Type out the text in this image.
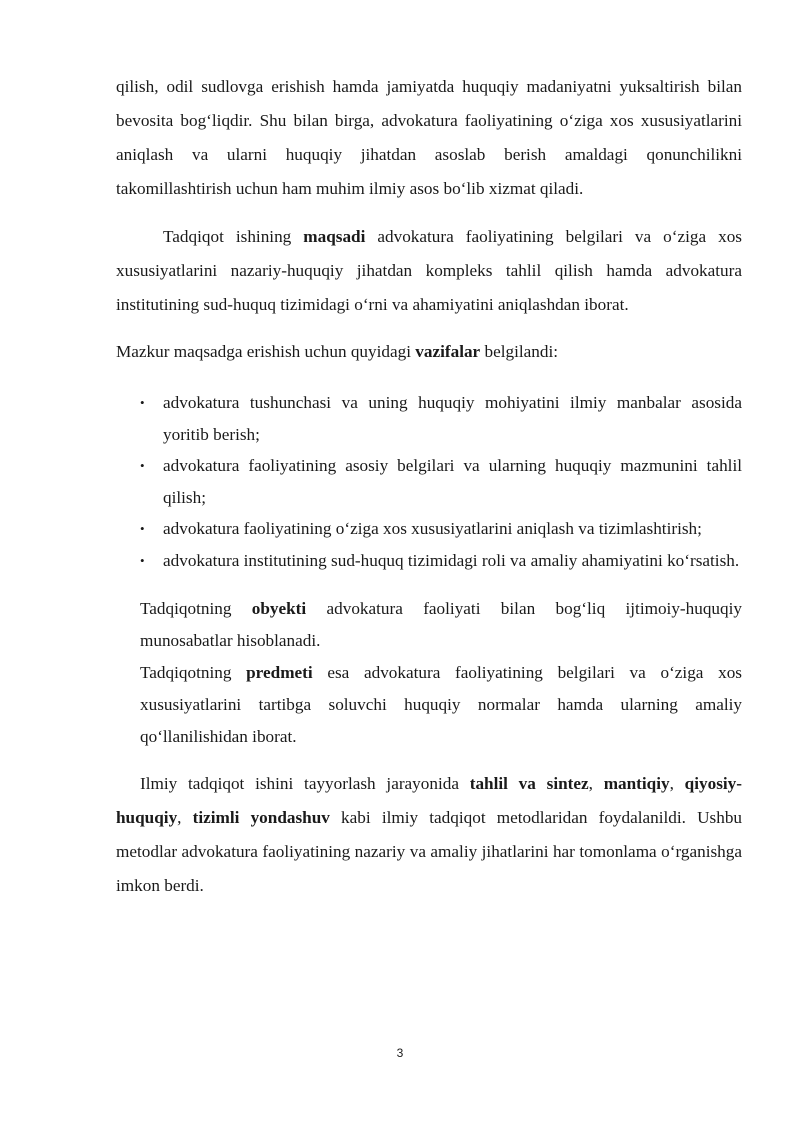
qilish, odil sudlovga erishish hamda jamiyatda huquqiy madaniyatni yuksaltirish bilan bevosita bog‘liqdir. Shu bilan birga, advokatura faoliyatining o‘ziga xos xususiyatlarini aniqlash va ularni huquqiy jihatdan asoslab berish amaldagi qonunchilikni takomillashtirish uchun ham muhim ilmiy asos bo‘lib xizmat qiladi.

Tadqiqot ishining maqsadi advokatura faoliyatining belgilari va o‘ziga xos xususiyatlarini nazariy-huquqiy jihatdan kompleks tahlil qilish hamda advokatura institutining sud-huquq tizimidagi o‘rni va ahamiyatini aniqlashdan iborat.

Mazkur maqsadga erishish uchun quyidagi vazifalar belgilandi:

• advokatura tushunchasi va uning huquqiy mohiyatini ilmiy manbalar asosida yoritib berish;
• advokatura faoliyatining asosiy belgilari va ularning huquqiy mazmunini tahlil qilish;
• advokatura faoliyatining o‘ziga xos xususiyatlarini aniqlash va tizimlashtirish;
• advokatura institutining sud-huquq tizimidagi roli va amaliy ahamiyatini ko‘rsatish.

Tadqiqotning obyekti advokatura faoliyati bilan bog‘liq ijtimoiy-huquqiy munosabatlar hisoblanadi.

Tadqiqotning predmeti esa advokatura faoliyatining belgilari va o‘ziga xos xususiyatlarini tartibga soluvchi huquqiy normalar hamda ularning amaliy qo‘llanilishidan iborat.

Ilmiy tadqiqot ishini tayyorlash jarayonida tahlil va sintez, mantiqiy, qiyosiy-huquqiy, tizimli yondashuv kabi ilmiy tadqiqot metodlaridan foydalanildi. Ushbu metodlar advokatura faoliyatining nazariy va amaliy jihatlarini har tomonlama o‘rganishga imkon berdi.

3
